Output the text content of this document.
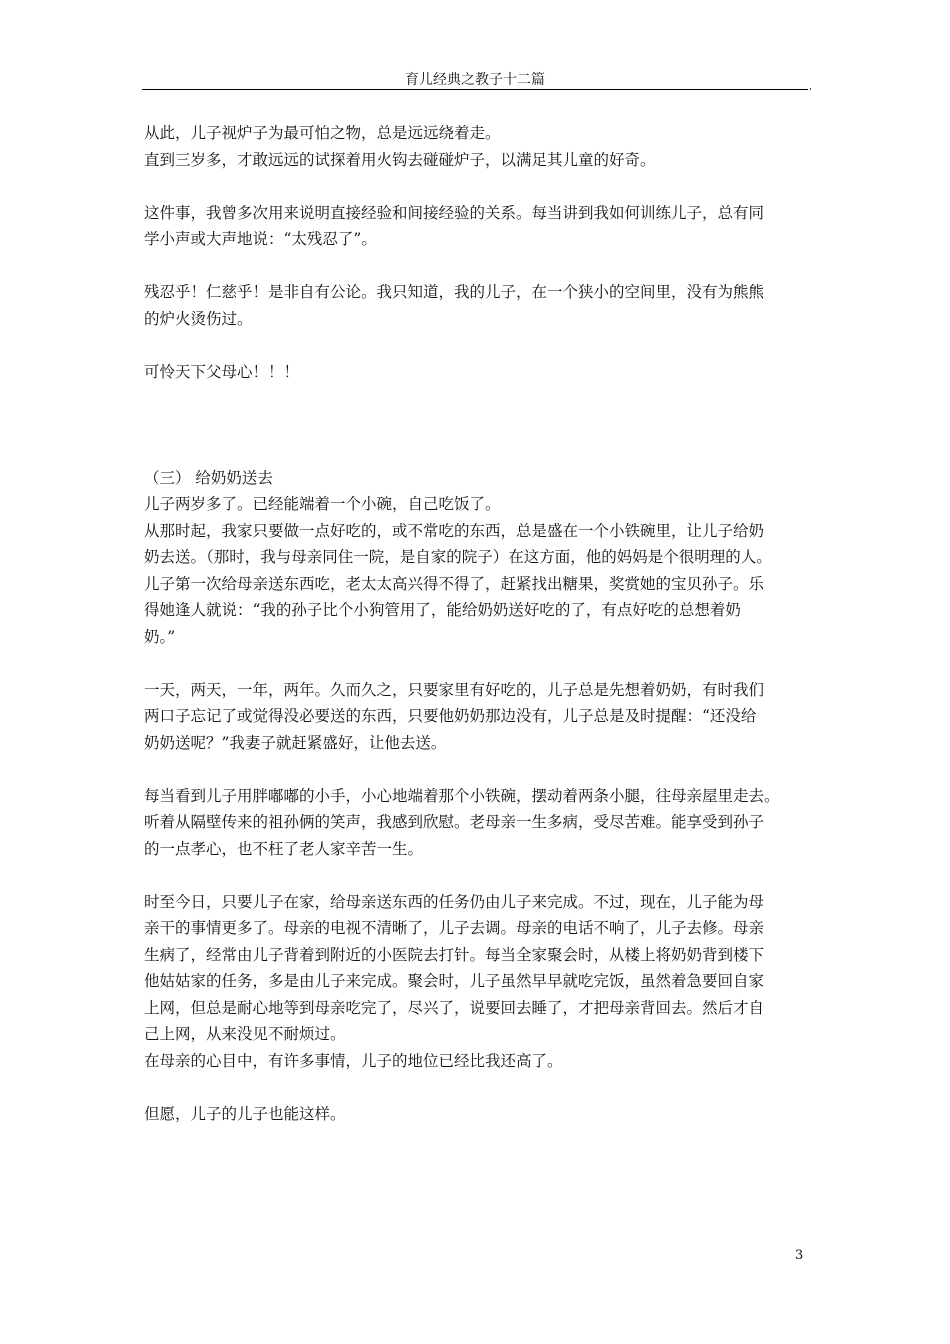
育儿经典之教子十二篇	,
从此，儿子视炉子为最可怕之物，总是远远绕着走。
直到三岁多，才敢远远的试探着用火钩去碰碰炉子，以满足其儿童的好奇。
这件事，我曾多次用来说明直接经验和间接经验的关系。每当讲到我如何训练儿子，总有同
学小声或大声地说：“太残忍了”。
残忍乎！仁慈乎！是非自有公论。我只知道，我的儿子，在一个狭小的空间里，没有为熊熊
的炉火烫伤过。
可怜天下父母心！！！
（三） 给奶奶送去
儿子两岁多了。已经能端着一个小碗，自己吃饭了。
从那时起，我家只要做一点好吃的，或不常吃的东西，总是盛在一个小铁碗里，让儿子给奶
奶去送。（那时，我与母亲同住一院，是自家的院子）在这方面，他的妈妈是个很明理的人。
儿子第一次给母亲送东西吃，老太太高兴得不得了，赶紧找出糖果，奖赏她的宝贝孙子。乐
得她逢人就说：“我的孙子比个小狗管用了，能给奶奶送好吃的了，有点好吃的总想着奶
奶。”
一天，两天，一年，两年。久而久之，只要家里有好吃的，儿子总是先想着奶奶，有时我们
两口子忘记了或觉得没必要送的东西，只要他奶奶那边没有，儿子总是及时提醒：“还没给
奶奶送呢？”我妻子就赶紧盛好，让他去送。
每当看到儿子用胖嘟嘟的小手，小心地端着那个小铁碗，摆动着两条小腿，往母亲屋里走去。
听着从隔壁传来的祖孙俩的笑声，我感到欣慰。老母亲一生多病，受尽苦难。能享受到孙子
的一点孝心，也不枉了老人家辛苦一生。
时至今日，只要儿子在家，给母亲送东西的任务仍由儿子来完成。不过，现在，儿子能为母
亲干的事情更多了。母亲的电视不清晰了，儿子去调。母亲的电话不响了，儿子去修。母亲
生病了，经常由儿子背着到附近的小医院去打针。每当全家聚会时，从楼上将奶奶背到楼下
他姑姑家的任务，多是由儿子来完成。聚会时，儿子虽然早早就吃完饭，虽然着急要回自家
上网，但总是耐心地等到母亲吃完了，尽兴了，说要回去睡了，才把母亲背回去。然后才自
己上网，从来没见不耐烦过。
在母亲的心目中，有许多事情，儿子的地位已经比我还高了。
但愿，儿子的儿子也能这样。
3
